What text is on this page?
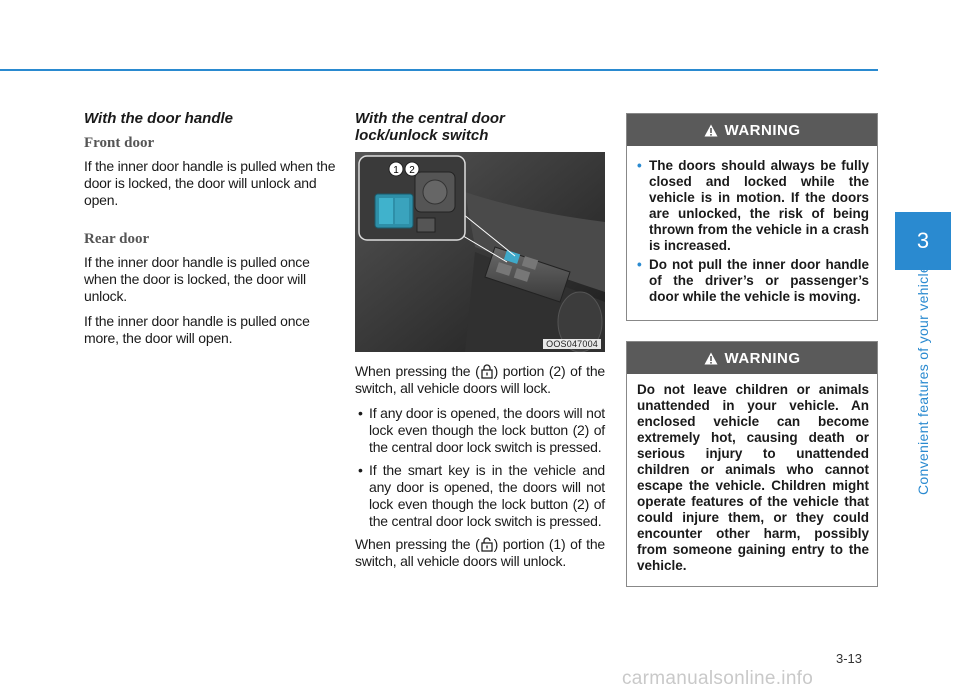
With the door handle
Front door

If the inner door handle is pulled when the door is locked, the door will unlock and open.

Rear door

If the inner door handle is pulled once when the door is locked, the door will unlock.

If the inner door handle is pulled once more, the door will open.

With the central door
lock/unlock switch
1 2
OOS047004

When pressing the ( ) portion (2) of the switch, all vehicle doors will lock.

• If any door is opened, the doors will not lock even though the lock button (2) of the central door lock switch is pressed.
• If the smart key is in the vehicle and any door is opened, the doors will not lock even though the lock button (2) of the central door lock switch is pressed.

When pressing the ( ) portion (1) of the switch, all vehicle doors will unlock.

WARNING
• The doors should always be fully closed and locked while the vehicle is in motion. If the doors are unlocked, the risk of being thrown from the vehicle in a crash is increased.
• Do not pull the inner door handle of the driver’s or passenger’s door while the vehicle is moving.
WARNING
Do not leave children or animals unattended in your vehicle. An enclosed vehicle can become extremely hot, causing death or serious injury to unattended children or animals who cannot escape the vehicle. Children might operate features of the vehicle that could injure them, or they could encounter other harm, possibly from someone gaining entry to the vehicle.
3
Convenient features of your vehicle
3-13
carmanualsonline.info
